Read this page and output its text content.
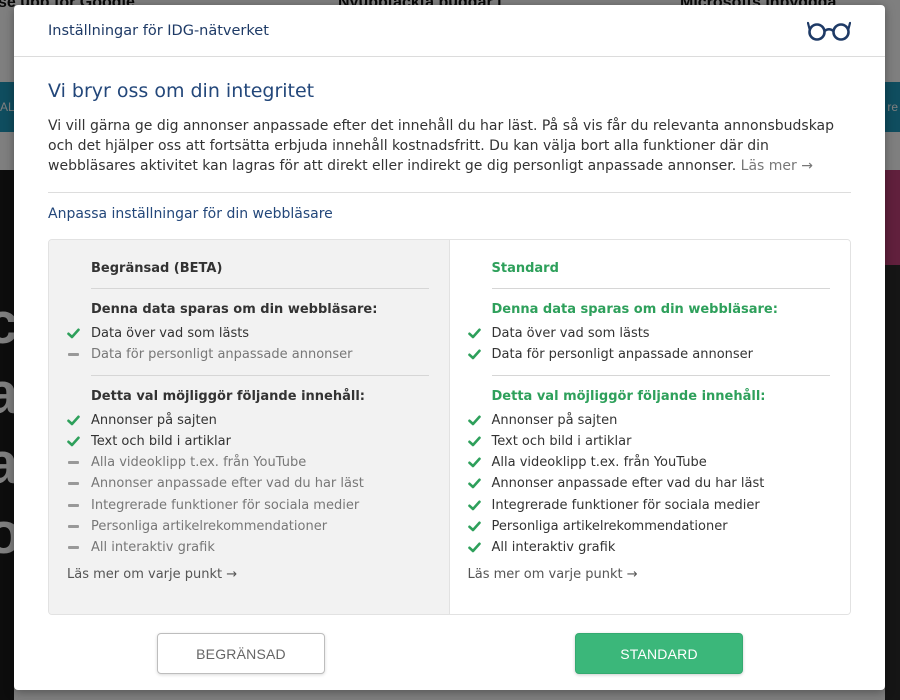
Inställningar för IDG-nätverket
Vi bryr oss om din integritet
Vi vill gärna ge dig annonser anpassade efter det innehåll du har läst. På så vis får du relevanta annonsbudskap och det hjälper oss att fortsätta erbjuda innehåll kostnadsfritt. Du kan välja bort alla funktioner där din webbläsares aktivitet kan lagras för att direkt eller indirekt ge dig personligt anpassade annonser. Läs mer →
Anpassa inställningar för din webbläsare
Begränsad (BETA)
Denna data sparas om din webbläsare:
Data över vad som lästs
Data för personligt anpassade annonser
Detta val möjliggör följande innehåll:
Annonser på sajten
Text och bild i artiklar
Alla videoklipp t.ex. från YouTube
Annonser anpassade efter vad du har läst
Integrerade funktioner för sociala medier
Personliga artikelrekommendationer
All interaktiv grafik
Läs mer om varje punkt →
Standard
Denna data sparas om din webbläsare:
Data över vad som lästs
Data för personligt anpassade annonser
Detta val möjliggör följande innehåll:
Annonser på sajten
Text och bild i artiklar
Alla videoklipp t.ex. från YouTube
Annonser anpassade efter vad du har läst
Integrerade funktioner för sociala medier
Personliga artikelrekommendationer
All interaktiv grafik
Läs mer om varje punkt →
BEGRÄNSAD	STANDARD
